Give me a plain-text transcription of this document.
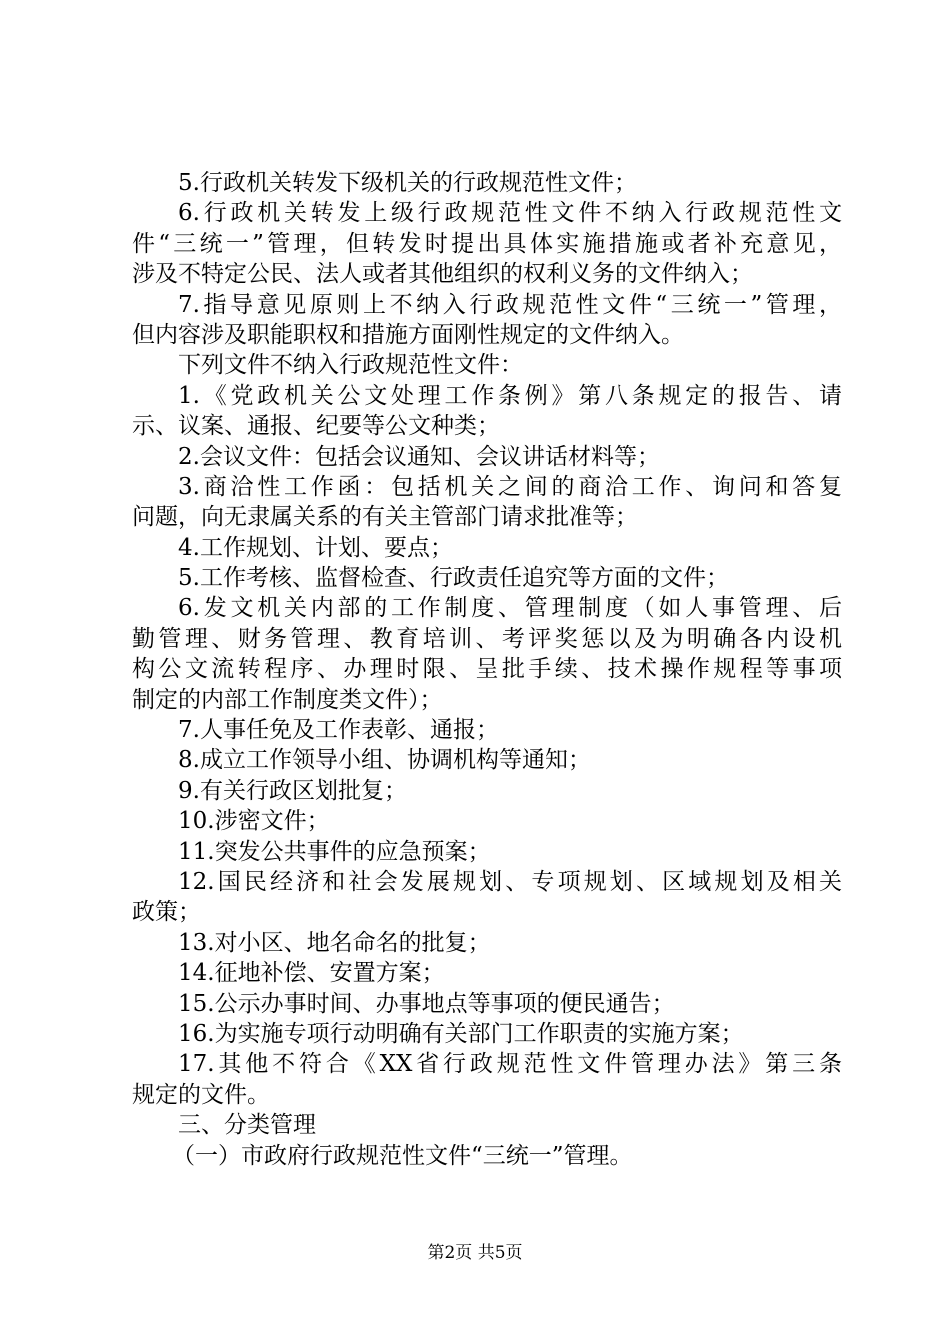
5.行政机关转发下级机关的行政规范性文件；
6.行政机关转发上级行政规范性文件不纳入行政规范性文
件“三统一”管理，但转发时提出具体实施措施或者补充意见，
涉及不特定公民、法人或者其他组织的权利义务的文件纳入；
7.指导意见原则上不纳入行政规范性文件“三统一”管理，
但内容涉及职能职权和措施方面刚性规定的文件纳入。
下列文件不纳入行政规范性文件：
1.《党政机关公文处理工作条例》第八条规定的报告、请
示、议案、通报、纪要等公文种类；
2.会议文件：包括会议通知、会议讲话材料等；
3.商洽性工作函：包括机关之间的商洽工作、询问和答复
问题，向无隶属关系的有关主管部门请求批准等；
4.工作规划、计划、要点；
5.工作考核、监督检查、行政责任追究等方面的文件；
6.发文机关内部的工作制度、管理制度（如人事管理、后
勤管理、财务管理、教育培训、考评奖惩以及为明确各内设机
构公文流转程序、办理时限、呈批手续、技术操作规程等事项
制定的内部工作制度类文件）；
7.人事任免及工作表彰、通报；
8.成立工作领导小组、协调机构等通知；
9.有关行政区划批复；
10.涉密文件；
11.突发公共事件的应急预案；
12.国民经济和社会发展规划、专项规划、区域规划及相关
政策；
13.对小区、地名命名的批复；
14.征地补偿、安置方案；
15.公示办事时间、办事地点等事项的便民通告；
16.为实施专项行动明确有关部门工作职责的实施方案；
17.其他不符合《XX省行政规范性文件管理办法》第三条
规定的文件。
三、分类管理
（一）市政府行政规范性文件“三统一”管理。
第2页 共5页
